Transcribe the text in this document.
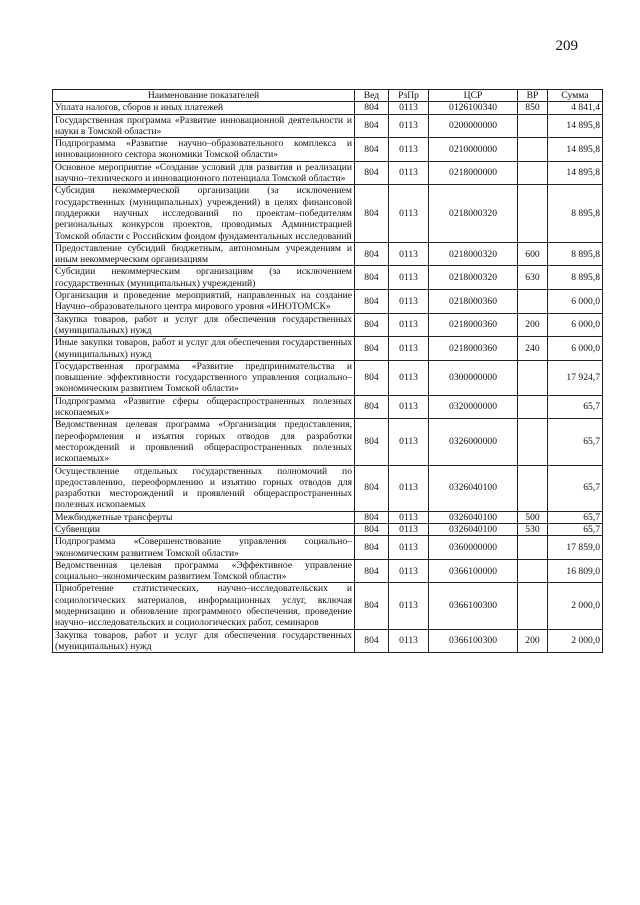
209
Наименование показателей	Вед	РзПр	ЦСР	ВР	Сумма
Уплата налогов, сборов и иных платежей	804	0113	0126100340	850	4 841,4
Государственная программа «Развитие инновационной деятельности и науки в Томской области»	804	0113	0200000000		14 895,8
Подпрограмма «Развитие научно–образовательного комплекса и инновационного сектора экономики Томской области»	804	0113	0210000000		14 895,8
Основное мероприятие «Создание условий для развития и реализации научно–технического и инновационного потенциала Томской области»	804	0113	0218000000		14 895,8
Субсидия некоммерческой организации (за исключением государственных (муниципальных) учреждений) в целях финансовой поддержки научных исследований по проектам–победителям региональных конкурсов проектов, проводимых Администрацией Томской области с Российским фондом фундаментальных исследований	804	0113	0218000320		8 895,8
Предоставление субсидий бюджетным, автономным учреждениям и иным некоммерческим организациям	804	0113	0218000320	600	8 895,8
Субсидии некоммерческим организациям (за исключением государственных (муниципальных) учреждений)	804	0113	0218000320	630	8 895,8
Организация и проведение мероприятий, направленных на создание Научно–образовательного центра мирового уровня «ИНОТОМСК»	804	0113	0218000360		6 000,0
Закупка товаров, работ и услуг для обеспечения государственных (муниципальных) нужд	804	0113	0218000360	200	6 000,0
Иные закупки товаров, работ и услуг для обеспечения государственных (муниципальных) нужд	804	0113	0218000360	240	6 000,0
Государственная программа «Развитие предпринимательства и повышение эффективности государственного управления социально–экономическим развитием Томской области»	804	0113	0300000000		17 924,7
Подпрограмма «Развитие сферы общераспространенных полезных ископаемых»	804	0113	0320000000		65,7
Ведомственная целевая программа «Организация предоставления, переоформления и изъятия горных отводов для разработки месторождений и проявлений общераспространенных полезных ископаемых»	804	0113	0326000000		65,7
Осуществление отдельных государственных полномочий по предоставлению, переоформлению и изъятию горных отводов для разработки месторождений и проявлений общераспространенных полезных ископаемых	804	0113	0326040100		65,7
Межбюджетные трансферты	804	0113	0326040100	500	65,7
Субвенции	804	0113	0326040100	530	65,7
Подпрограмма «Совершенствование управления социально–экономическим развитием Томской области»	804	0113	0360000000		17 859,0
Ведомственная целевая программа «Эффективное управление социально–экономическим развитием Томской области»	804	0113	0366100000		16 809,0
Приобретение статистических, научно–исследовательских и социологических материалов, информационных услуг, включая модернизацию и обновление программного обеспечения, проведение научно–исследовательских и социологических работ, семинаров	804	0113	0366100300		2 000,0
Закупка товаров, работ и услуг для обеспечения государственных (муниципальных) нужд	804	0113	0366100300	200	2 000,0
